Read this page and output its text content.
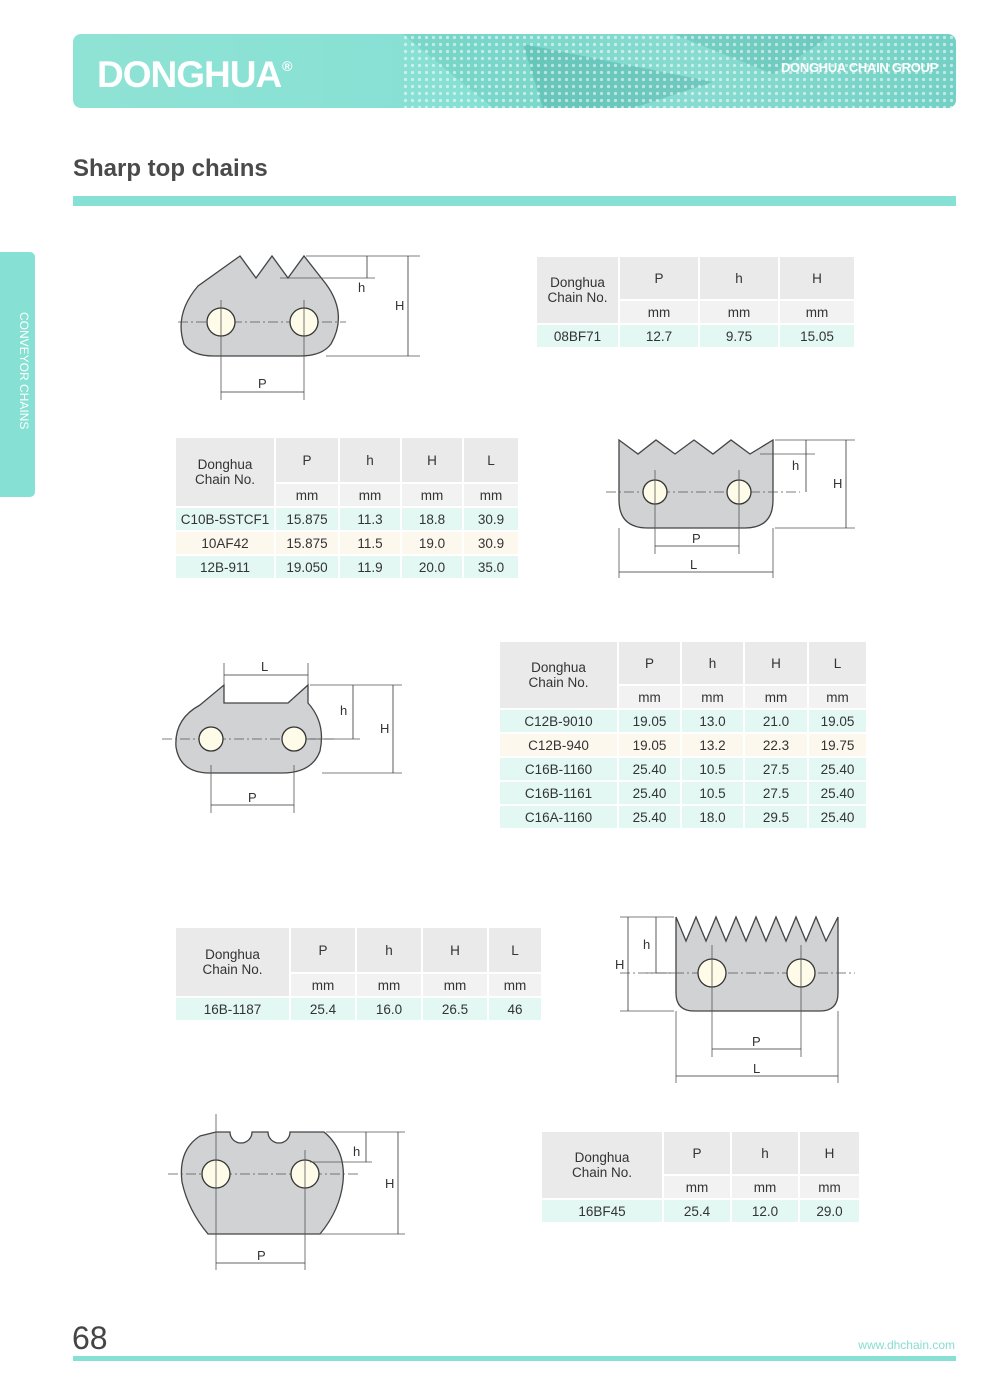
DONGHUA®	DONGHUA CHAIN GROUP
Sharp top chains
CONVEYOR CHAINS	P
h
H
Donghua
Chain No.	P	h	H
	mm	mm	mm
08BF71	12.7	9.75	15.05
Donghua
Chain No.	P	h	H	L
	mm	mm	mm	mm
C10B-5STCF1	15.875	11.3	18.8	30.9
10AF42	15.875	11.5	19.0	30.9
12B-911	19.050	11.9	20.0	35.0
P
L
h
H
L
P
h
H
Donghua
Chain No.	P	h	H	L
	mm	mm	mm	mm
C12B-9010	19.05	13.0	21.0	19.05
C12B-940	19.05	13.2	22.3	19.75
C16B-1160	25.40	10.5	27.5	25.40
C16B-1161	25.40	10.5	27.5	25.40
C16A-1160	25.40	18.0	29.5	25.40
Donghua
Chain No.	P	h	H	L
	mm	mm	mm	mm
16B-1187	25.4	16.0	26.5	46
P
L
H
h
P
h
H
Donghua
Chain No.	P	h	H
	mm	mm	mm
16BF45	25.4	12.0	29.0
68	www.dhchain.com
